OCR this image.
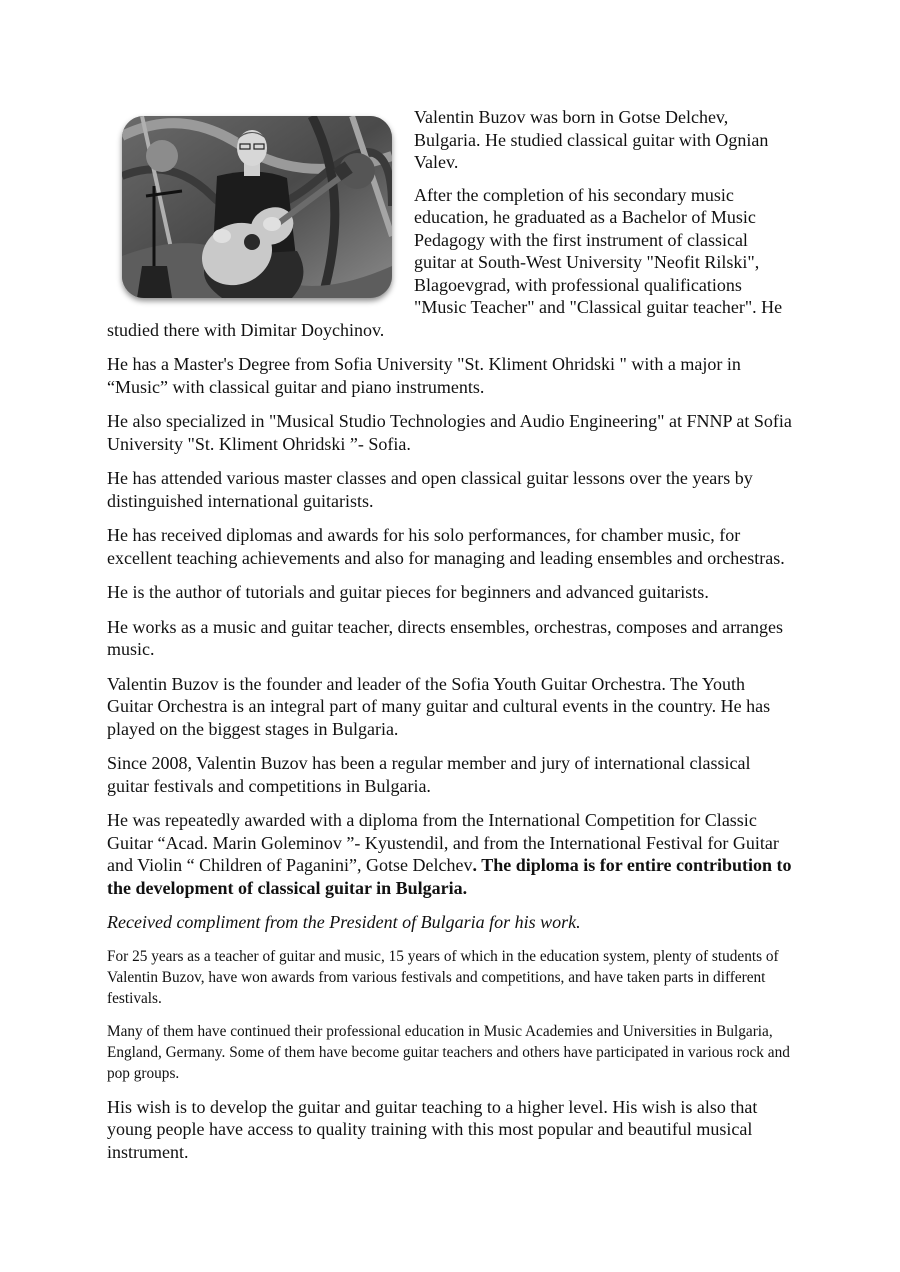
Valentin Buzov was born in Gotse Delchev, Bulgaria. He studied classical guitar with Ognian Valev.

After the completion of his secondary music education, he graduated as a Bachelor of Music Pedagogy with the first instrument of classical guitar at South-West University "Neofit Rilski",
Blagoevgrad, with professional qualifications
"Music Teacher" and "Classical guitar teacher". He
studied there with Dimitar Doychinov.

He has a Master's Degree from Sofia University "St. Kliment Ohridski " with a major in “Music” with classical guitar and piano instruments.

He also specialized in "Musical Studio Technologies and Audio Engineering" at FNNP at Sofia University "St. Kliment Ohridski ”- Sofia.

He has attended various master classes and open classical guitar lessons over the years by distinguished international guitarists.

He has received diplomas and awards for his solo performances, for chamber music, for excellent teaching achievements and also for managing and leading ensembles and orchestras.

He is the author of tutorials and guitar pieces for beginners and advanced guitarists.

He works as a music and guitar teacher, directs ensembles, orchestras, composes and arranges music.

Valentin Buzov is the founder and leader of the Sofia Youth Guitar Orchestra. The Youth Guitar Orchestra is an integral part of many guitar and cultural events in the country. He has played on the biggest stages in Bulgaria.

Since 2008, Valentin Buzov has been a regular member and jury of international classical guitar festivals and competitions in Bulgaria.

He was repeatedly awarded with a diploma from the International Competition for Classic Guitar “Acad. Marin Goleminov ”- Kyustendil, and from the International Festival for Guitar and Violin “ Children of Paganini”, Gotse Delchev. The diploma is for entire contribution to the development of classical guitar in Bulgaria.

Received compliment from the President of Bulgaria for his work.

For 25 years as a teacher of guitar and music, 15 years of which in the education system, plenty of students of Valentin Buzov, have won awards from various festivals and competitions, and have taken parts in different festivals.

Many of them have continued their professional education in Music Academies and Universities in Bulgaria, England, Germany. Some of them have become guitar teachers and others have participated in various rock and pop groups.

His wish is to develop the guitar and guitar teaching to a higher level. His wish is also that young people have access to quality training with this most popular and beautiful musical instrument.
